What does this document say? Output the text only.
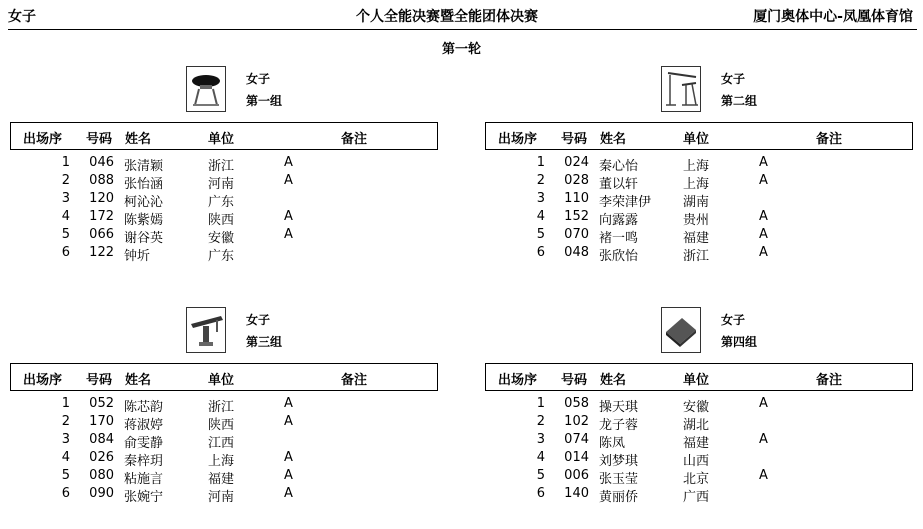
女子	个人全能决赛暨全能团体决赛	厦门奥体中心-凤凰体育馆
第一轮
女子
第一组
出场序 号码 姓名	单位	备注
1	046 张清颖	浙江	A
2	088 张怡涵	河南	A
3	120 柯沁沁	广东
4	172 陈紫嫣	陕西	A
5	066 谢谷英	安徽	A
6	122 钟圻	广东
女子
第二组
出场序 号码 姓名	单位	备注
1	024 秦心怡	上海	A
2	028 董以轩	上海	A
3	110 李荣津伊 湖南
4	152 向露露	贵州	A
5	070 褚一鸣	福建	A
6	048 张欣怡	浙江	A
女子
第三组
出场序 号码 姓名	单位	备注
1	052 陈芯韵	浙江	A
2	170 蒋淑婷	陕西	A
3	084 俞雯静	江西
4	026 秦梓玥	上海	A
5	080 粘施言	福建	A
6	090 张婉宁	河南	A
女子
第四组
出场序 号码 姓名	单位	备注
1	058 操天琪	安徽	A
2	102 龙子蓉	湖北
3	074 陈凤	福建	A
4	014 刘梦琪	山西
5	006 张玉莹	北京	A
6	140 黄丽侨	广西
